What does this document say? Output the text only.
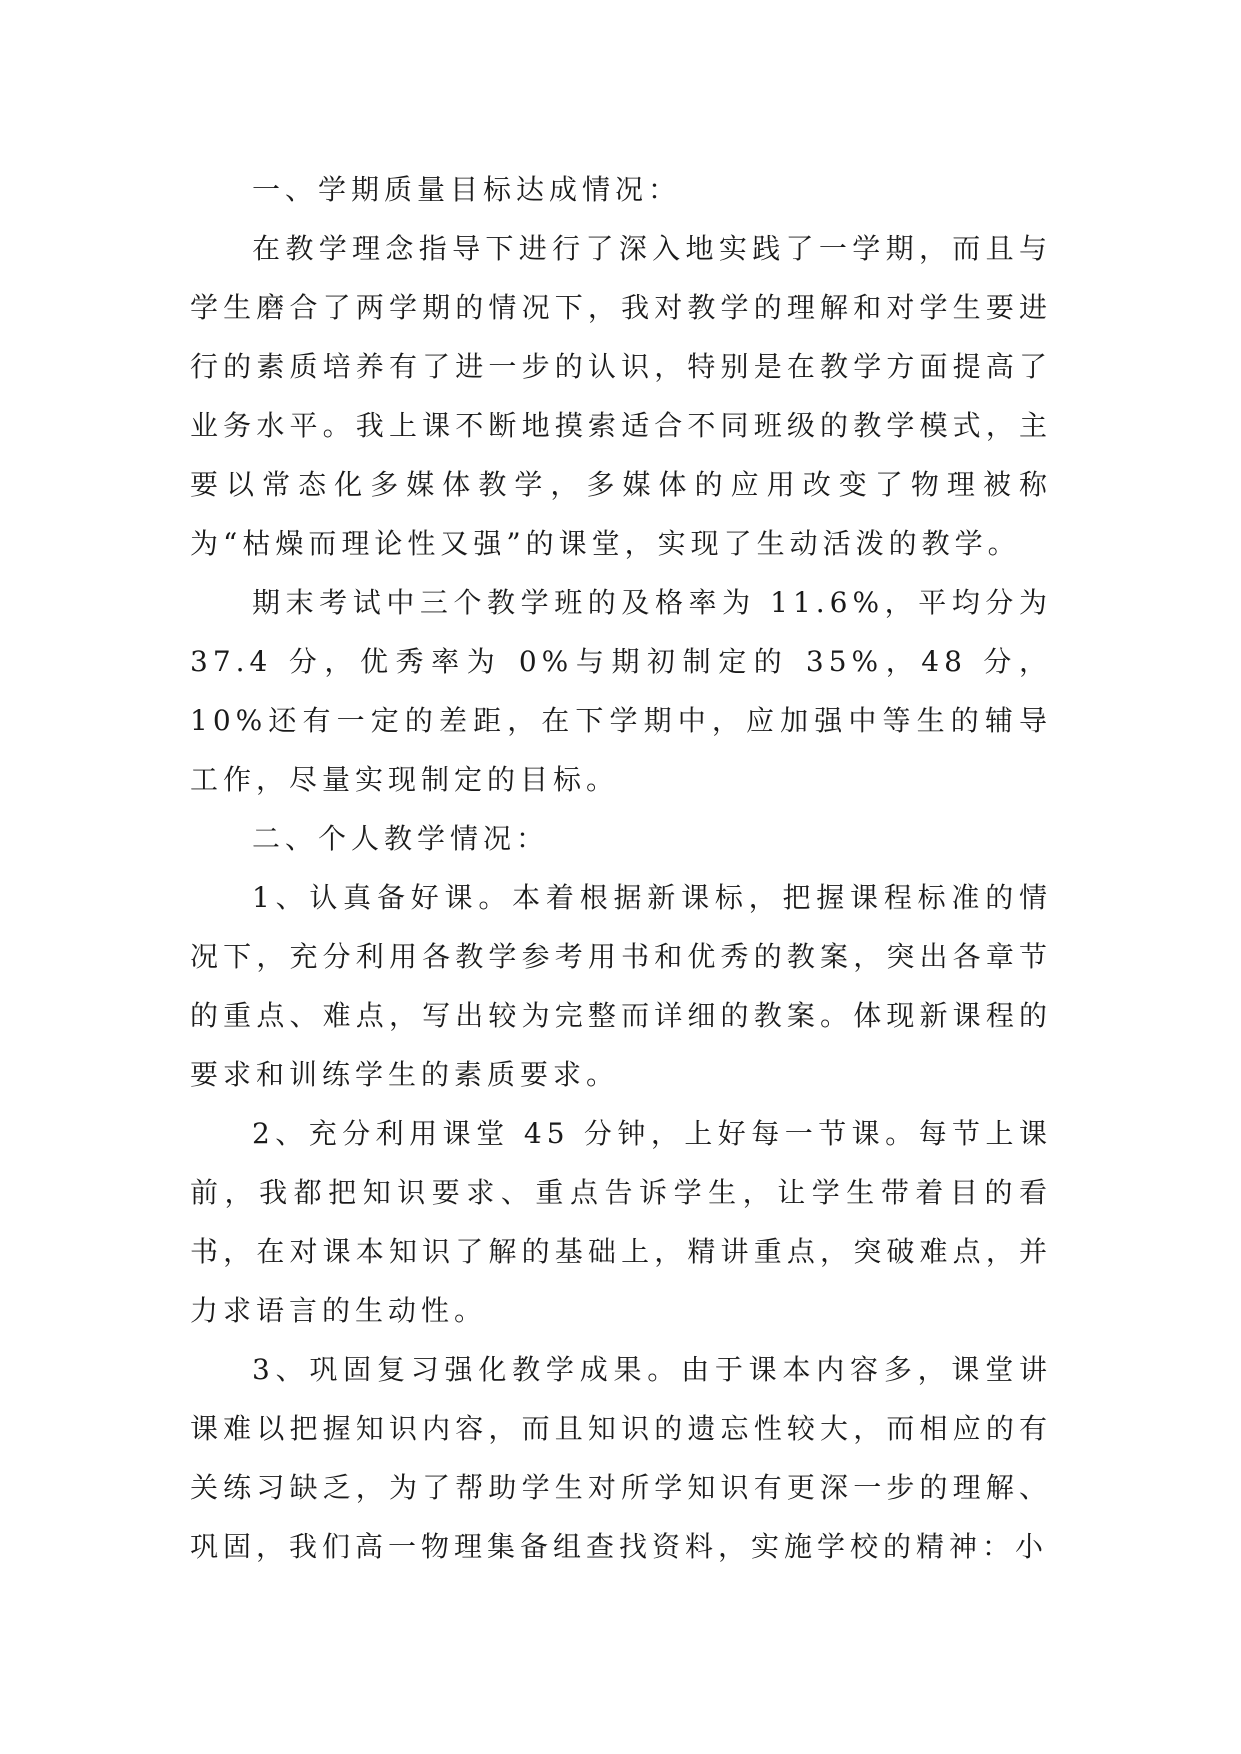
一、学期质量目标达成情况：

在教学理念指导下进行了深入地实践了一学期，而且与学生磨合了两学期的情况下，我对教学的理解和对学生要进行的素质培养有了进一步的认识，特别是在教学方面提高了业务水平。我上课不断地摸索适合不同班级的教学模式，主要以常态化多媒体教学，多媒体的应用改变了物理被称为“枯燥而理论性又强”的课堂，实现了生动活泼的教学。

期末考试中三个教学班的及格率为 11.6%，平均分为 37.4 分，优秀率为 0%与期初制定的 35%，48 分，10%还有一定的差距，在下学期中，应加强中等生的辅导工作，尽量实现制定的目标。

二、个人教学情况：

1、认真备好课。本着根据新课标，把握课程标准的情况下，充分利用各教学参考用书和优秀的教案，突出各章节的重点、难点，写出较为完整而详细的教案。体现新课程的要求和训练学生的素质要求。

2、充分利用课堂 45 分钟，上好每一节课。每节上课前，我都把知识要求、重点告诉学生，让学生带着目的看书，在对课本知识了解的基础上，精讲重点，突破难点，并力求语言的生动性。

3、巩固复习强化教学成果。由于课本内容多，课堂讲课难以把握知识内容，而且知识的遗忘性较大，而相应的有关练习缺乏，为了帮助学生对所学知识有更深一步的理解、巩固，我们高一物理集备组查找资料，实施学校的精神：小
